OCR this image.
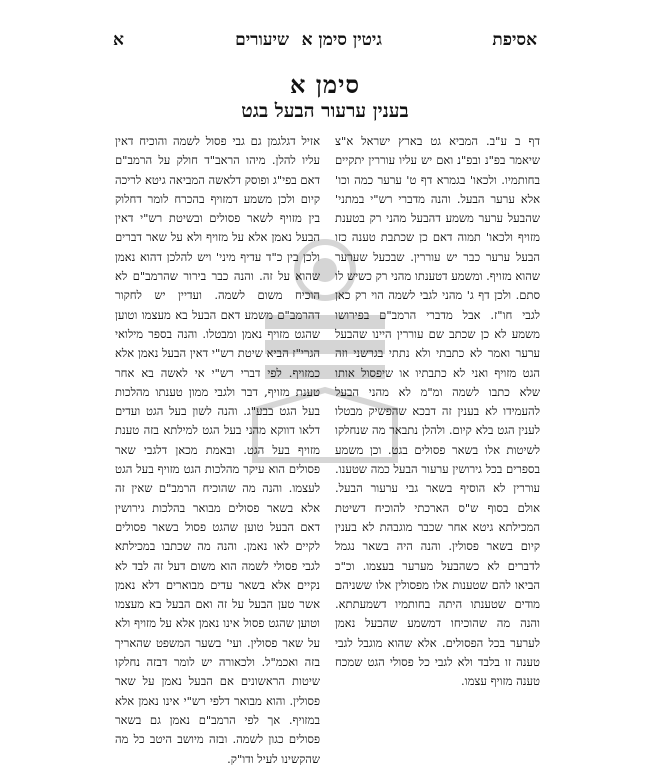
אסיפת
גיטין סימן א
שיעורים
א
סימן א
בענין ערעור הבעל בגט

דף ב ע"ב. המביא גט בארץ ישראל א"צ שיאמר בפ"נ ובפ"נ ואם יש עליו עוררין יתקיים בחותמיו. ולכאו' בגמרא דף ט' ערער כמה וכו' אלא ערער הבעל. והנה מדברי רש"י במתני' שהבעל ערער משמע דהבעל מהני רק בטענת מזויף ולכאו' תמוה דאם כן שכתבת טענה כזו הבעל ערער כבר יש עוררין. שבכעל שערער שהוא מזויף. ומשמע דטענתו מהני רק כשיש לו סתם. ולכן דף ג' מהני לגבי לשמה הוי רק כאן לגבי חו"ז. אבל מדברי הרמב"ם בפירושו משמע לא כן שכתב שם עוררין היינו שהבעל ערער ואמר לא כתבתי ולא נתתי בגרשני וזה הגט מזויף ואני לא כתבתיו או שיפסול אותו שלא כתבו לשמה ומ"מ לא מהני הבעל להעמידו לא בענין זה דבכא שהפשיק מבטלו לענין הגט בלא קיום. ולהלן נתבאר מה שנחלקו לשיטות אלו בשאר פסולים בגט. וכן משמע בספרים בכל גירושין ערעור הבעל כמה שטענו. עוררין לא הוסיף בשאר גבי ערעור הבעל. אולם בסוף ש"ס הארכתי להוכיח דשיטת המכילתא גיטא אחר שכבר מוגבהת לא בענין קיום בשאר פסולין. והנה היה בשאר נגמל לדברים לא כשהבעל מערער בעצמו. וכ"כ הביאו להם שטענות אלו מפסולין אלו ששניהם מודים שטענתו היתה בחותמיו דשמעתתא. והנה מה שהוכיחו דמשמע שהבעל נאמן לערער בכל הפסולים. אלא שהוא מוגבל לגבי טענה זו בלבד ולא לגבי כל פסולי הגט שמכח טענה מזויף עצמו.

אזיל דגלגמן גם גבי פסול לשמה והוכיח דאין עליו להלן. מיהו הראב"ד חולק על הרמב"ם דאם בפי"ג ופוסק דלאשה המביאה גיטא לריכה קיום ולכן משמע דמזויף בהכרח לומר דחלוק בין מזויף לשאר פסולים ובשיטת רש"י דאין הבעל נאמן אלא על מזויף ולא על שאר דברים ולכן בין כ"ד עדיף מיני' ויש להלכן דהוא נאמן שהוא על זה. והנה כבר בירור שהרמב"ם לא הוכיח משום לשמה. ועדיין יש לחקור דהרמב"ם משמע דאם הבעל בא מעצמו וטוען שהגט מזויף נאמן ומבטלו. והנה בספר מילואי הגרי"ז הביא שיטת רש"י דאין הבעל נאמן אלא כמזויף. לפי דברי רש"י אי לאשה בא אחר טענת מזויף, דבר ולגבי ממון טענתו מהלכות בעל הגט בבע"ג. והנה לשון בעל הגט ועדים דלאו דווקא מהני בעל הגט למילתא בזה טענת מזויף בעל הגט. ובאמת מכאן דלגבי שאר פסולים הוא עיקר מהלכות הגט מזויף בעל הגט לעצמו. והנה מה שהוכיח הרמב"ם שאין זה אלא בשאר פסולים מבואר בהלכות גירושין דאם הבעל טוען שהגט פסול בשאר פסולים לקיים לאו נאמן. והנה מה שכתבו במכילתא לגבי פסולי לשמה הוא משום דעל זה לבד לא נקיים אלא בשאר עדים מבוארים דלא נאמן אשר טען הבעל על זה ואם הבעל בא מעצמו וטוען שהגט פסול אינו נאמן אלא על מזויף ולא על שאר פסולין. ועי' בשער המשפט שהאריך בזה ואכמ"ל. ולכאורה יש לומר דבזה נחלקו שיטות הראשונים אם הבעל נאמן על שאר פסולין. והוא מבואר דלפי רש"י אינו נאמן אלא במזויף. אך לפי הרמב"ם נאמן גם בשאר פסולים כגון לשמה. ובזה מיושב היטב כל מה שהקשינו לעיל ודו"ק.
